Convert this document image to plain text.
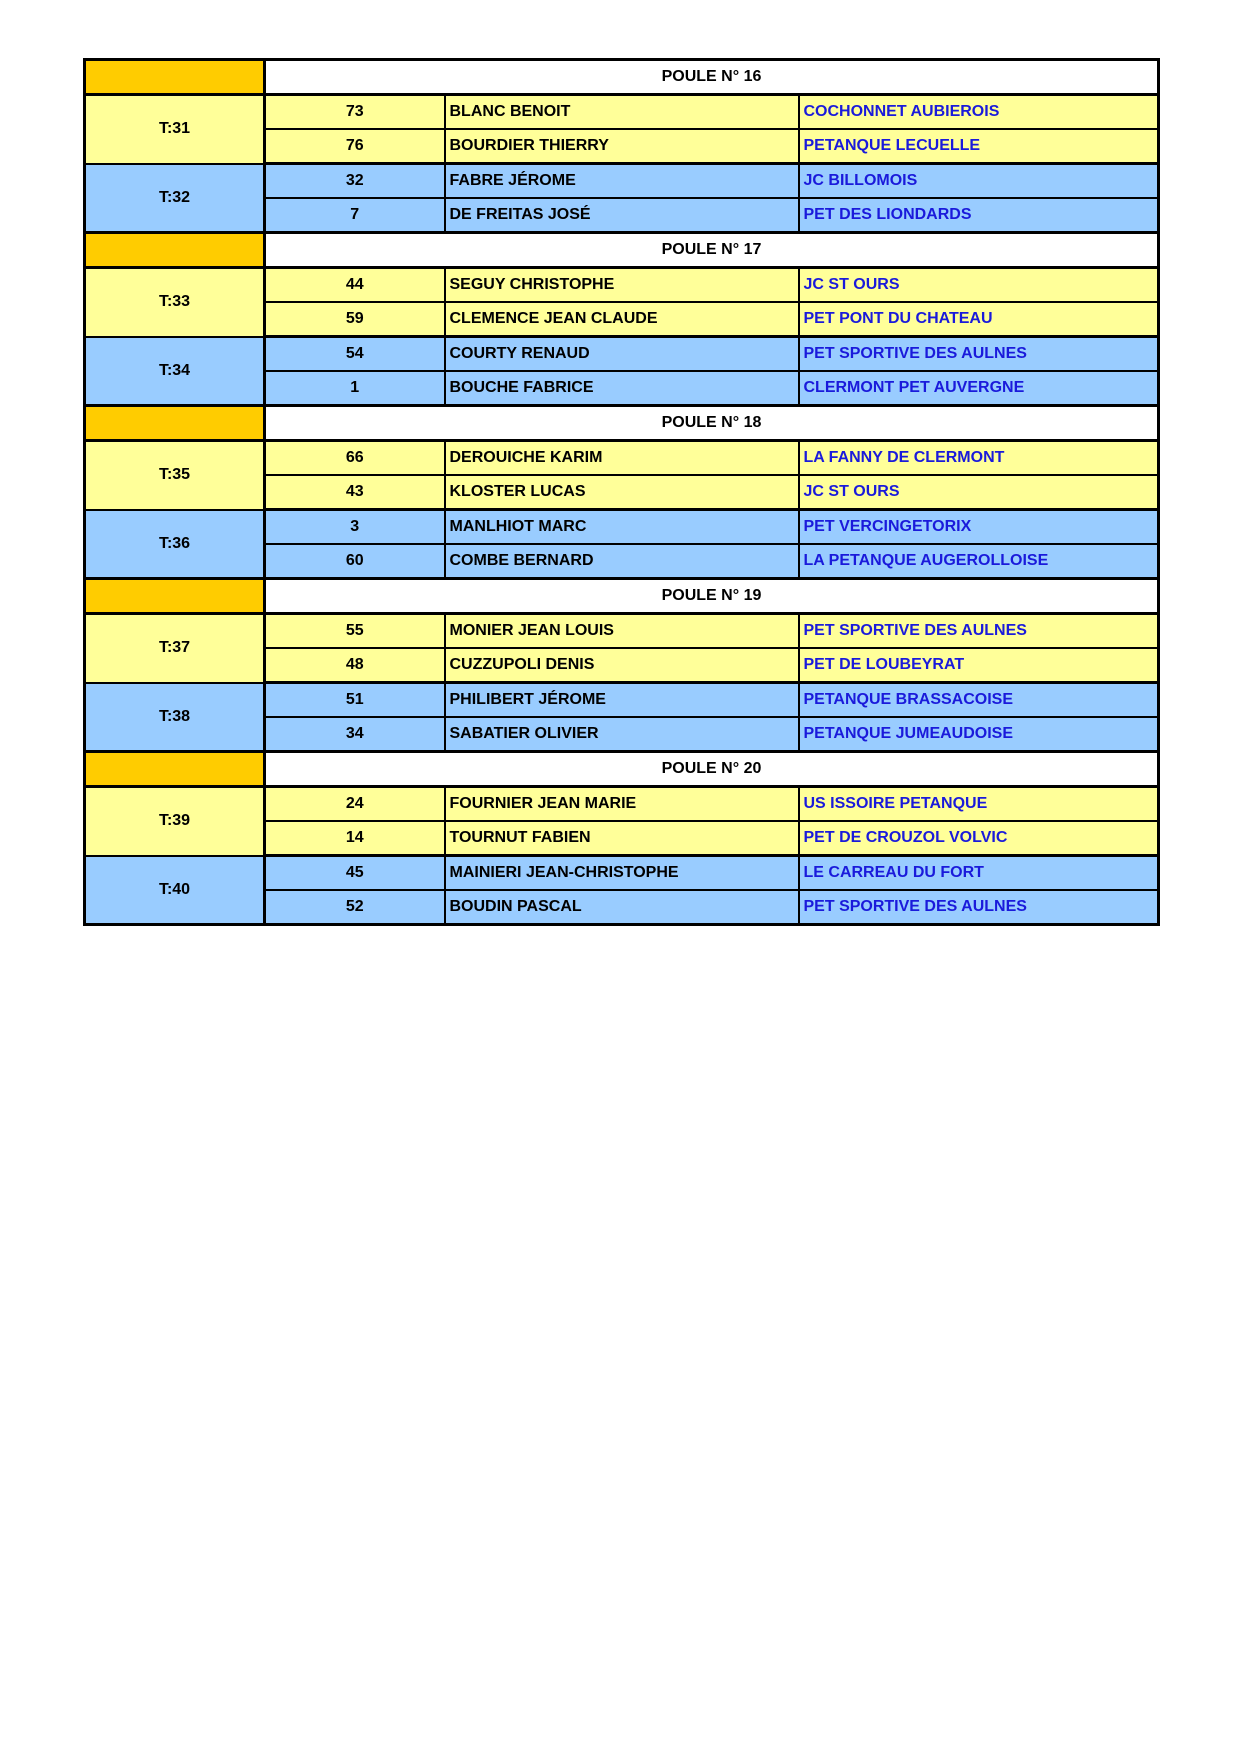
	POULE N° 16		
T:31	73	BLANC BENOIT	COCHONNET AUBIEROIS
	76	BOURDIER THIERRY	PETANQUE LECUELLE
T:32	32	FABRE JÉROME	JC BILLOMOIS
	7	DE FREITAS JOSÉ	PET DES LIONDARDS
	POULE N° 17		
T:33	44	SEGUY CHRISTOPHE	JC ST OURS
	59	CLEMENCE JEAN CLAUDE	PET PONT DU CHATEAU
T:34	54	COURTY RENAUD	PET SPORTIVE DES AULNES
	1	BOUCHE FABRICE	CLERMONT PET AUVERGNE
	POULE N° 18		
T:35	66	DEROUICHE KARIM	LA FANNY DE CLERMONT
	43	KLOSTER LUCAS	JC ST OURS
T:36	3	MANLHIOT MARC	PET VERCINGETORIX
	60	COMBE BERNARD	LA PETANQUE AUGEROLLOISE
	POULE N° 19		
T:37	55	MONIER JEAN LOUIS	PET SPORTIVE DES AULNES
	48	CUZZUPOLI DENIS	PET DE LOUBEYRAT
T:38	51	PHILIBERT JÉROME	PETANQUE BRASSACOISE
	34	SABATIER OLIVIER	PETANQUE JUMEAUDOISE
	POULE N° 20		
T:39	24	FOURNIER JEAN MARIE	US ISSOIRE PETANQUE
	14	TOURNUT FABIEN	PET DE CROUZOL VOLVIC
T:40	45	MAINIERI JEAN-CHRISTOPHE	LE CARREAU DU FORT
	52	BOUDIN PASCAL	PET SPORTIVE DES AULNES
